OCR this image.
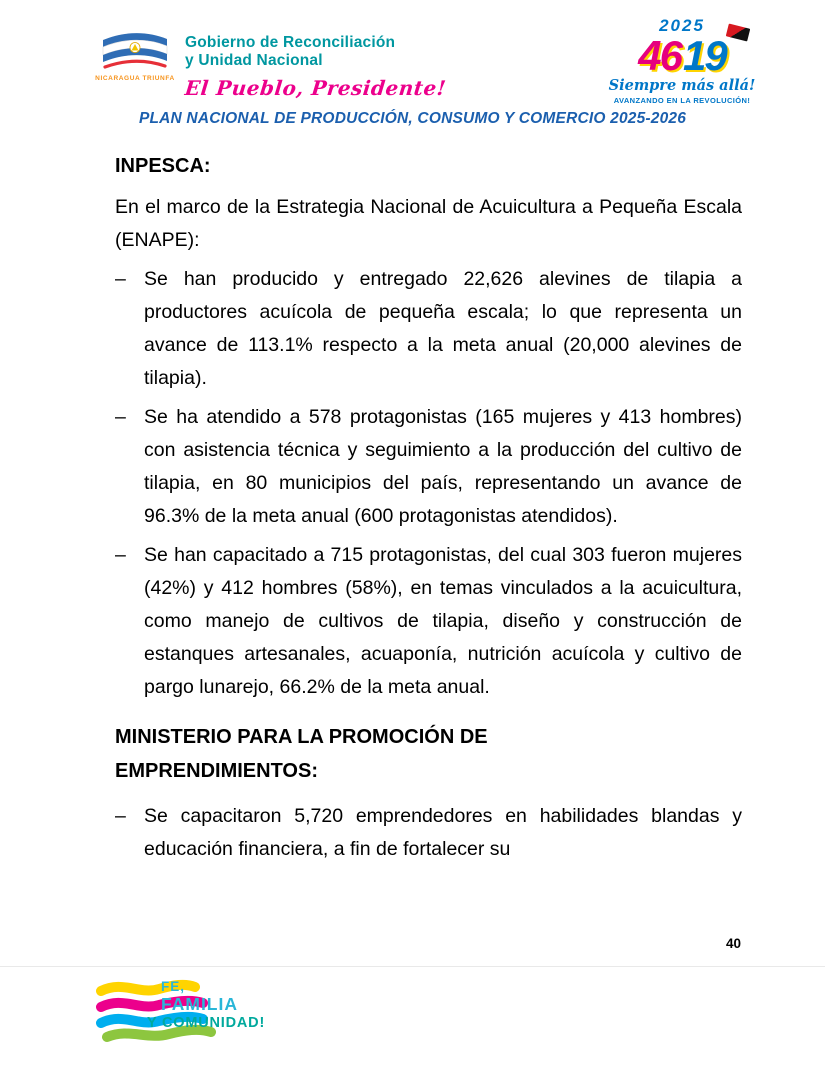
NICARAGUA TRIUNFA
Gobierno de Reconciliación
y Unidad Nacional
El Pueblo, Presidente!
2025
4619
Siempre más allá!
AVANZANDO EN LA REVOLUCIÓN!
PLAN NACIONAL DE PRODUCCIÓN, CONSUMO Y COMERCIO 2025-2026
INPESCA:

En el marco de la Estrategia Nacional de Acuicultura a Pequeña Escala (ENAPE):

– Se han producido y entregado 22,626 alevines de tilapia a productores acuícola de pequeña escala; lo que representa un avance de 113.1% respecto a la meta anual (20,000 alevines de tilapia).
– Se ha atendido a 578 protagonistas (165 mujeres y 413 hombres) con asistencia técnica y seguimiento a la producción del cultivo de tilapia, en 80 municipios del país, representando un avance de 96.3% de la meta anual (600 protagonistas atendidos).
– Se han capacitado a 715 protagonistas, del cual 303 fueron mujeres (42%) y 412 hombres (58%), en temas vinculados a la acuicultura, como manejo de cultivos de tilapia, diseño y construcción de estanques artesanales, acuaponía, nutrición acuícola y cultivo de pargo lunarejo, 66.2% de la meta anual.
MINISTERIO PARA LA PROMOCIÓN DE
EMPRENDIMIENTOS:
– Se capacitaron 5,720 emprendedores en habilidades blandas y educación financiera, a fin de fortalecer su
40
FE,
FAMILIA
Y COMUNIDAD!
